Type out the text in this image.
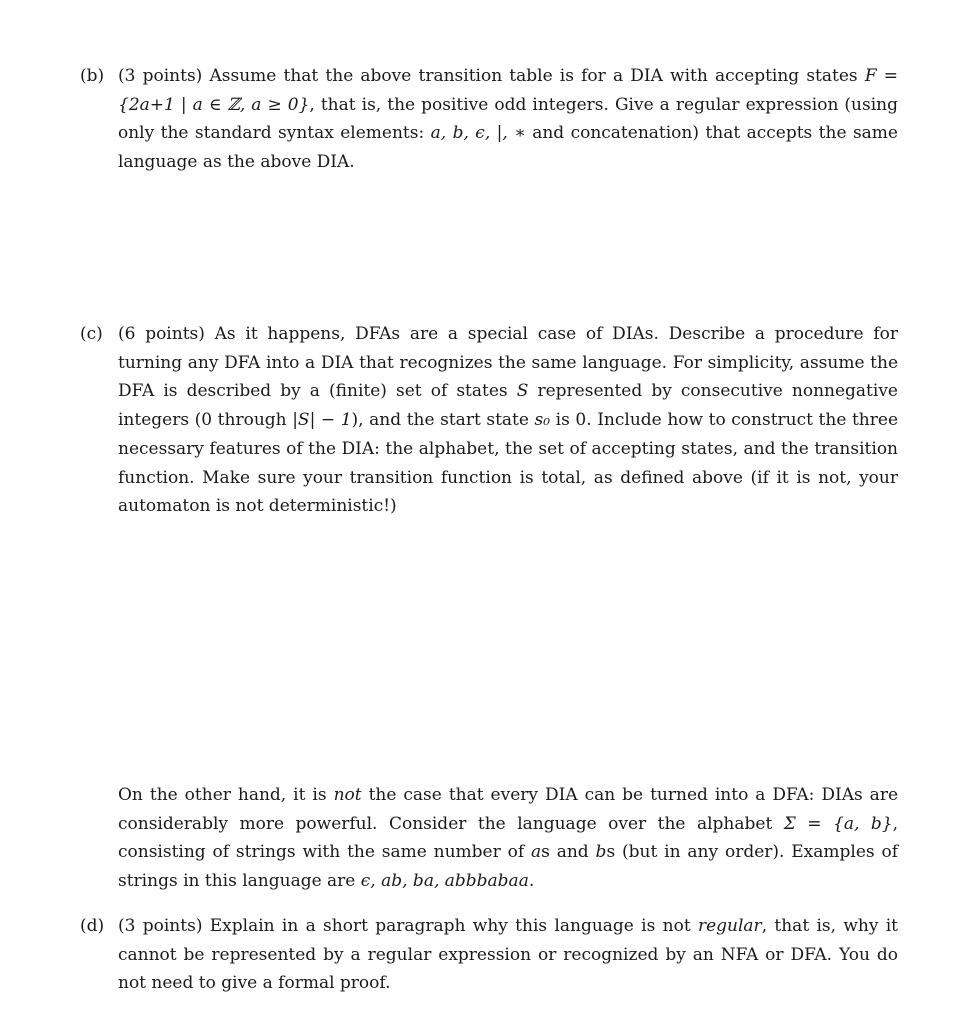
(b) (3 points) Assume that the above transition table is for a DIA with accepting states F = {2a+1 | a ∈ ℤ, a ≥ 0}, that is, the positive odd integers. Give a regular expression (using only the standard syntax elements: a, b, ϵ, |, ∗ and concatenation) that accepts the same language as the above DIA.
(c) (6 points) As it happens, DFAs are a special case of DIAs. Describe a procedure for turning any DFA into a DIA that recognizes the same language. For simplicity, assume the DFA is described by a (finite) set of states S represented by consecutive nonnegative integers (0 through |S| − 1), and the start state s₀ is 0. Include how to construct the three necessary features of the DIA: the alphabet, the set of accepting states, and the transition function. Make sure your transition function is total, as defined above (if it is not, your automaton is not deterministic!)
On the other hand, it is not the case that every DIA can be turned into a DFA: DIAs are considerably more powerful. Consider the language over the alphabet Σ = {a, b}, consisting of strings with the same number of as and bs (but in any order). Examples of strings in this language are ϵ, ab, ba, abbbabaa.
(d) (3 points) Explain in a short paragraph why this language is not regular, that is, why it cannot be represented by a regular expression or recognized by an NFA or DFA. You do not need to give a formal proof.
